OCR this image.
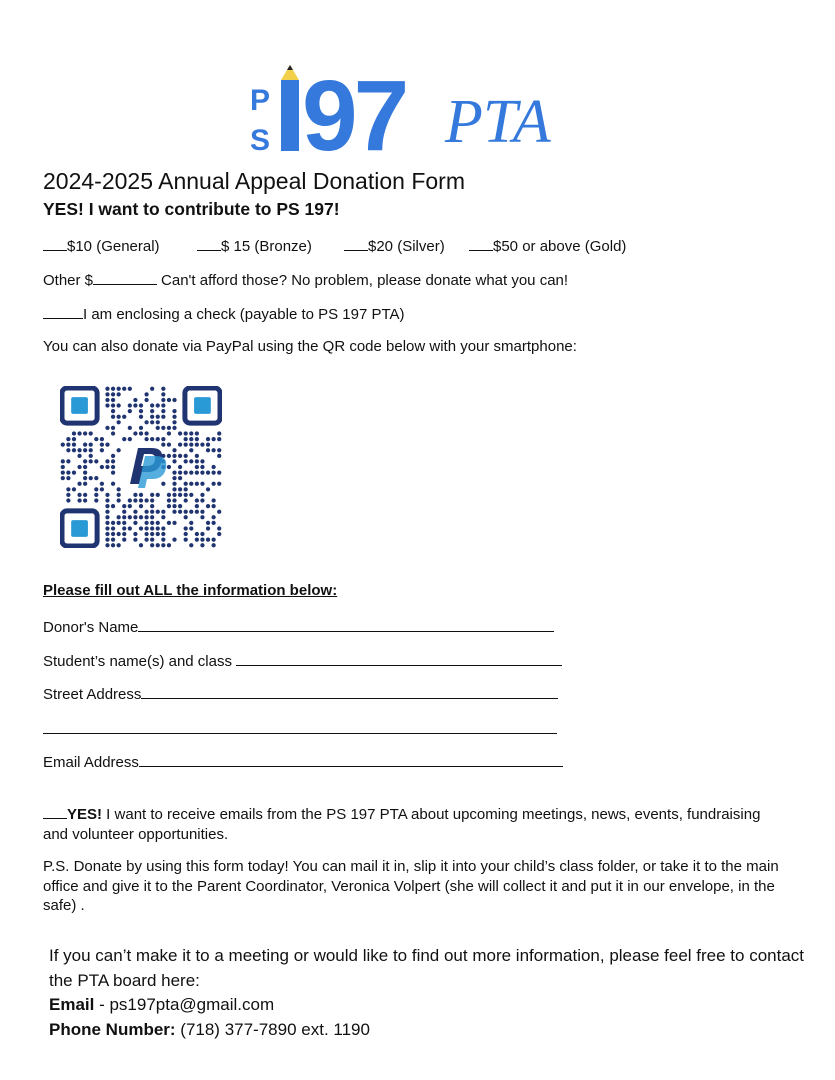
P
S 97 PTA
2024-2025 Annual Appeal Donation Form
YES! I want to contribute to PS 197!
$10 (General)	$ 15 (Bronze)	$20 (Silver)	$50 or above (Gold)
Other $	Can't afford those? No problem, please donate what you can!
I am enclosing a check (payable to PS 197 PTA)
You can also donate via PayPal using the QR code below with your smartphone:
Please fill out ALL the information below:
Donor's Name
Student’s name(s) and class
Street Address
Email Address
YES! I want to receive emails from the PS 197 PTA about upcoming meetings, news, events, fundraising and volunteer opportunities.
P.S. Donate by using this form today! You can mail it in, slip it into your child’s class folder, or take it to the main office and give it to the Parent Coordinator, Veronica Volpert (she will collect it and put it in our envelope, in the safe) .
If you can’t make it to a meeting or would like to find out more information, please feel free to contact the PTA board here:
Email - ps197pta@gmail.com
Phone Number: (718) 377-7890 ext. 1190
